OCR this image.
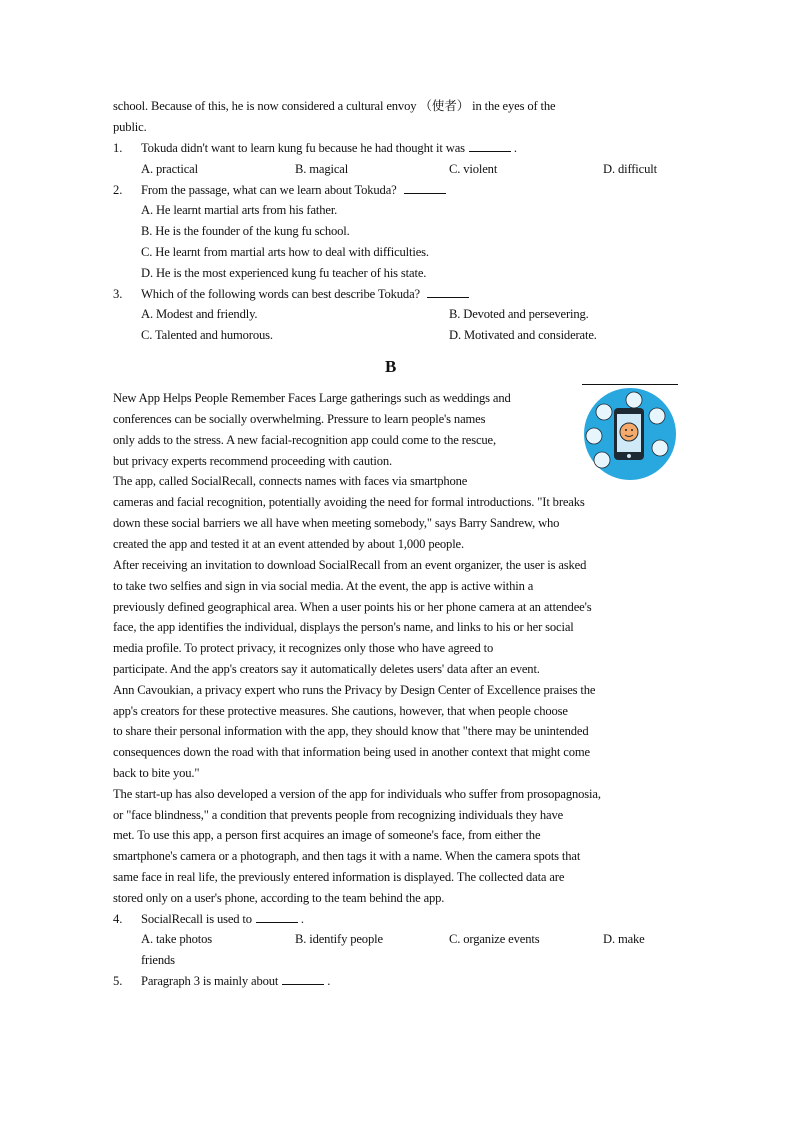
school. Because of this, he is now considered a cultural envoy （使者） in the eyes of the
public.
1. Tokuda didn't want to learn kung fu because he had thought it was	.
A. practical	B. magical	C. violent	D. difficult
2. From the passage, what can we learn about Tokuda?
A. He learnt martial arts from his father.
B. He is the founder of the kung fu school.
C. He learnt from martial arts how to deal with difficulties.
D. He is the most experienced kung fu teacher of his state.
3. Which of the following words can best describe Tokuda?
A. Modest and friendly.	B. Devoted and persevering.
C. Talented and humorous.	D. Motivated and considerate.
B
New App Helps People Remember Faces Large gatherings such as weddings and
conferences can be socially overwhelming. Pressure to learn people's names
only adds to the stress. A new facial-recognition app could come to the rescue,
but privacy experts recommend proceeding with caution.
The app, called SocialRecall, connects names with faces via smartphone
cameras and facial recognition, potentially avoiding the need for formal introductions. "It breaks
down these social barriers we all have when meeting somebody," says Barry Sandrew, who
created the app and tested it at an event attended by about 1,000 people.
After receiving an invitation to download SocialRecall from an event organizer, the user is asked
to take two selfies and sign in via social media. At the event, the app is active within a
previously defined geographical area. When a user points his or her phone camera at an attendee's
face, the app identifies the individual, displays the person's name, and links to his or her social
media profile. To protect privacy, it recognizes only those who have agreed to
participate. And the app's creators say it automatically deletes users' data after an event.
Ann Cavoukian, a privacy expert who runs the Privacy by Design Center of Excellence praises the
app's creators for these protective measures. She cautions, however, that when people choose
to share their personal information with the app, they should know that "there may be unintended
consequences down the road with that information being used in another context that might come
back to bite you."
The start-up has also developed a version of the app for individuals who suffer from prosopagnosia,
or "face blindness," a condition that prevents people from recognizing individuals they have
met. To use this app, a person first acquires an image of someone's face, from either the
smartphone's camera or a photograph, and then tags it with a name. When the camera spots that
same face in real life, the previously entered information is displayed. The collected data are
stored only on a user's phone, according to the team behind the app.
4. SocialRecall is used to	.
A. take photos	B. identify people	C. organize events	D. make
friends
5. Paragraph 3 is mainly about	.
